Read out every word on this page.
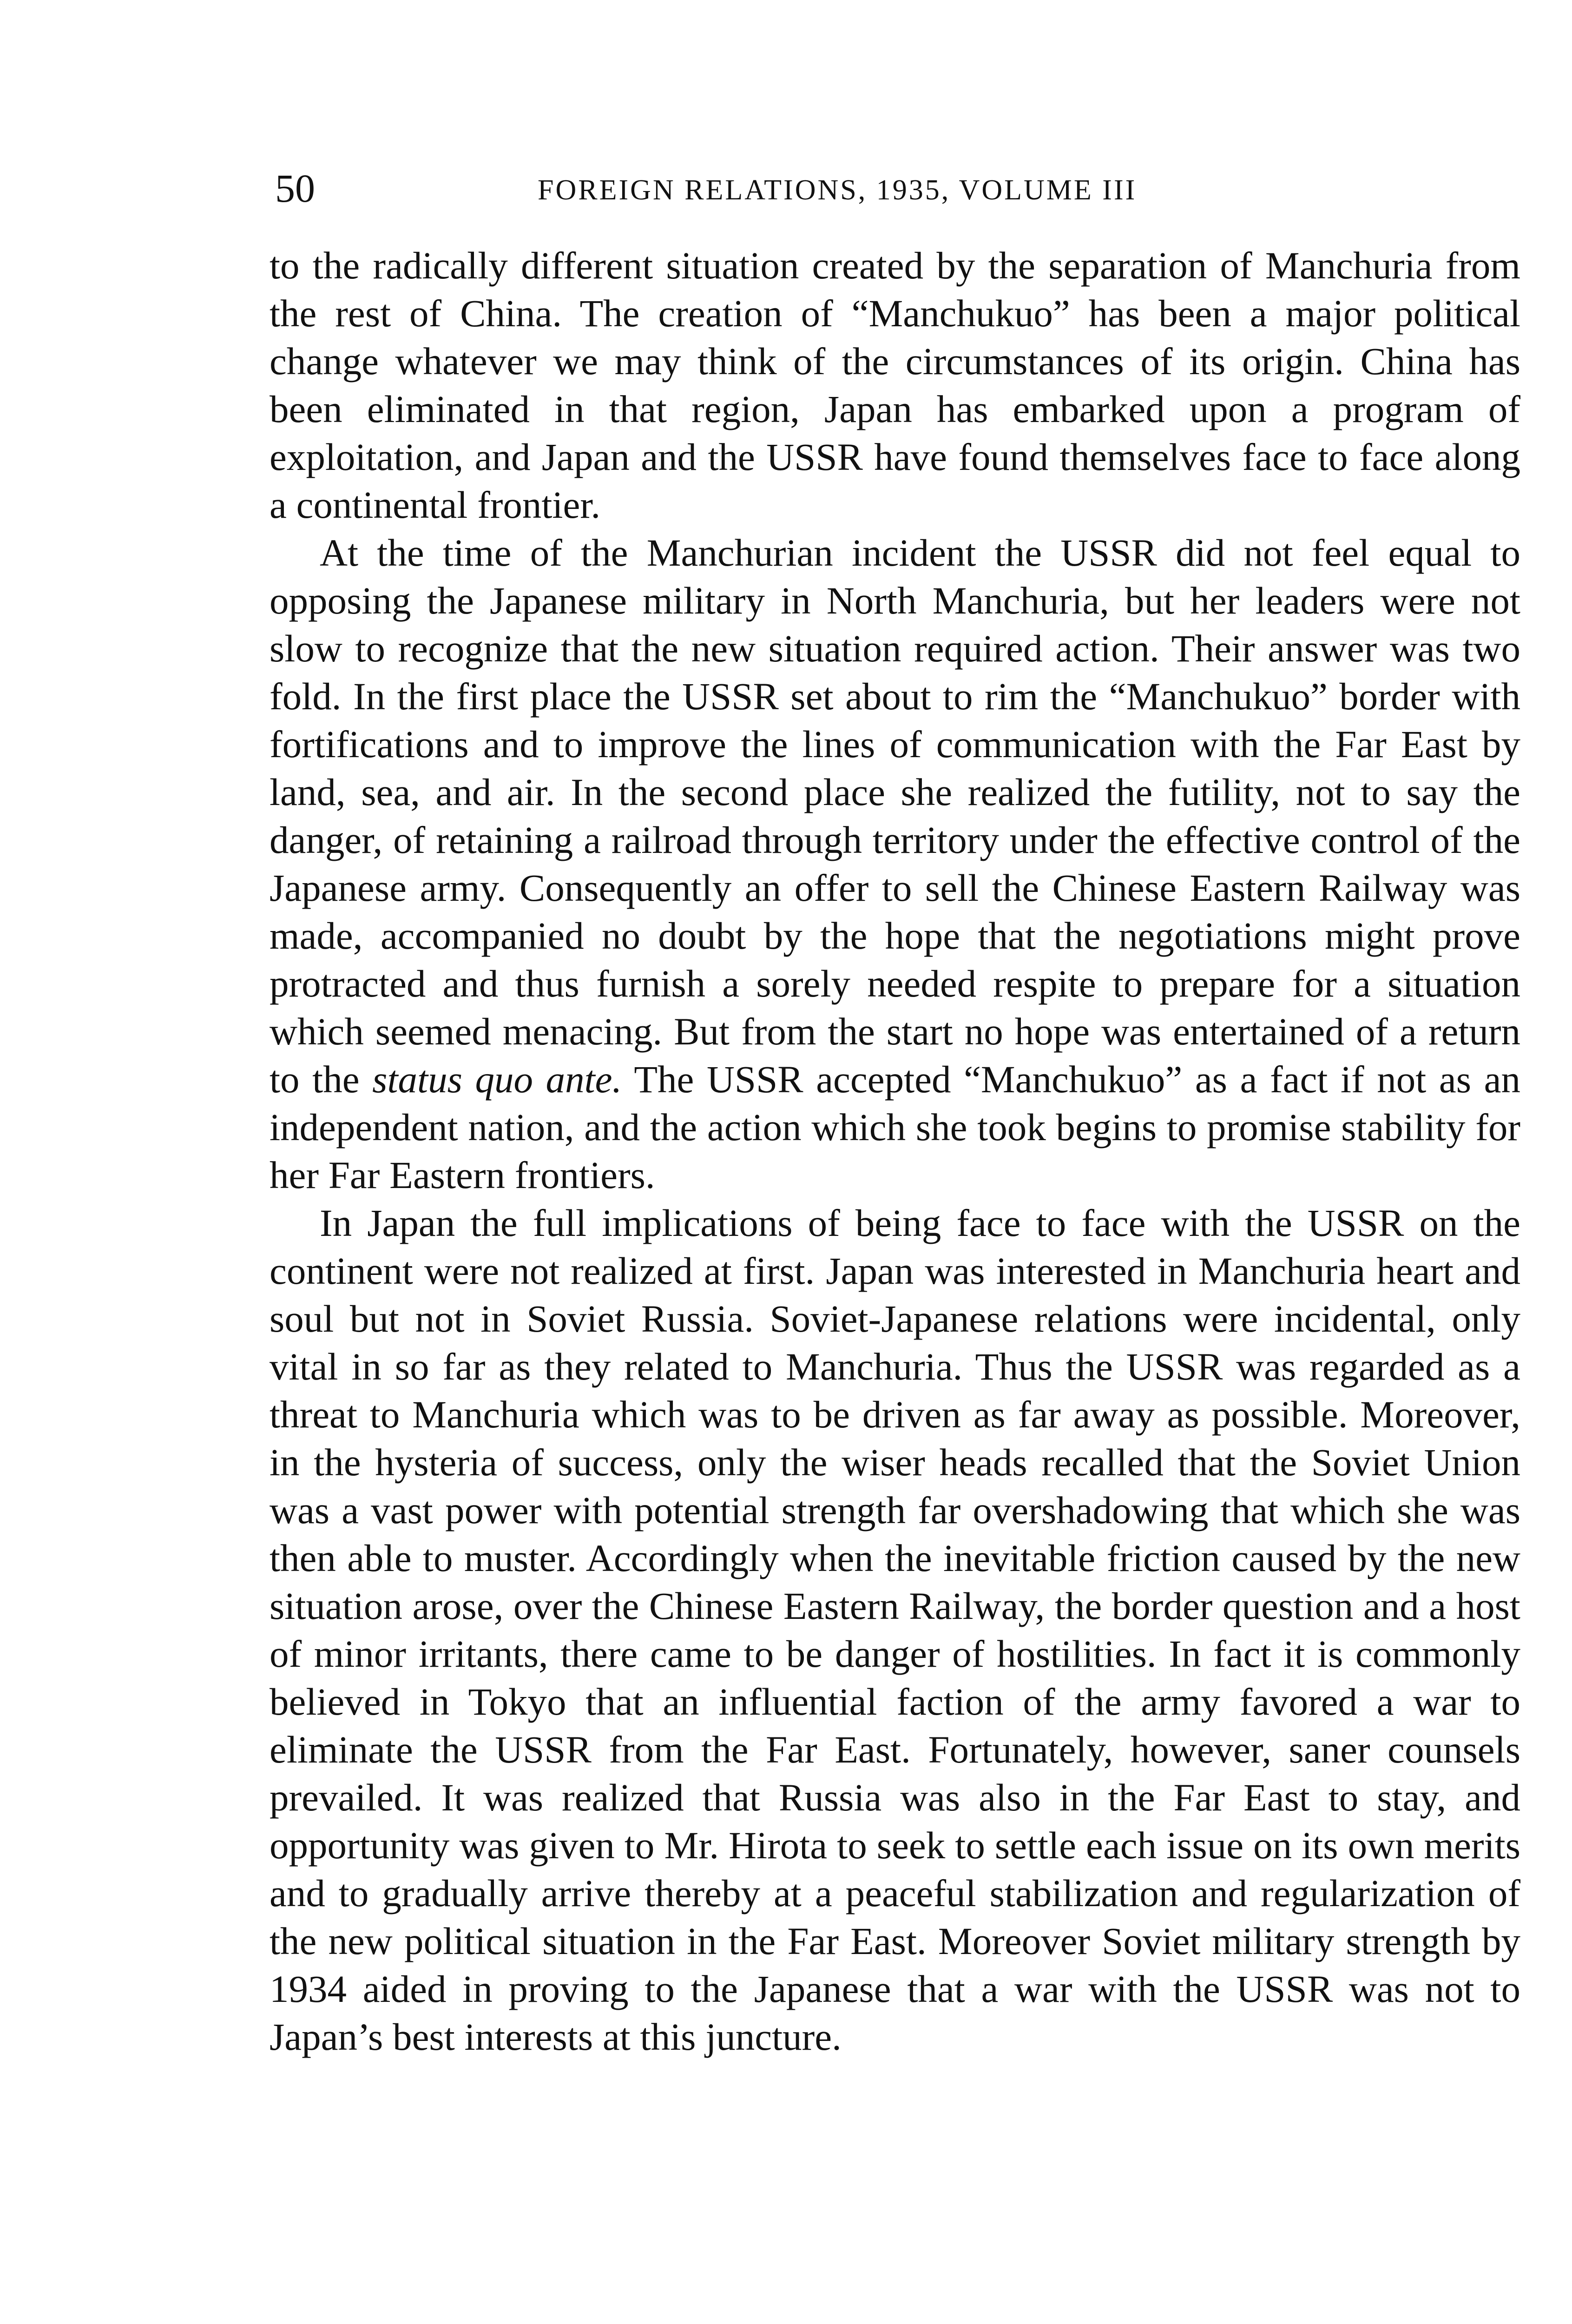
50	FOREIGN RELATIONS, 1935, VOLUME III

to the radically different situation created by the separation of Manchuria from the rest of China. The creation of “Manchukuo” has been a major political change whatever we may think of the circumstances of its origin. China has been eliminated in that region, Japan has embarked upon a program of exploitation, and Japan and the USSR have found themselves face to face along a continental frontier.

At the time of the Manchurian incident the USSR did not feel equal to opposing the Japanese military in North Manchuria, but her leaders were not slow to recognize that the new situation required action. Their answer was two fold. In the first place the USSR set about to rim the “Manchukuo” border with fortifications and to improve the lines of communication with the Far East by land, sea, and air. In the second place she realized the futility, not to say the danger, of retaining a railroad through territory under the effective control of the Japanese army. Consequently an offer to sell the Chinese Eastern Railway was made, accompanied no doubt by the hope that the negotiations might prove protracted and thus furnish a sorely needed respite to prepare for a situation which seemed menacing. But from the start no hope was entertained of a return to the status quo ante. The USSR accepted “Manchukuo” as a fact if not as an independent nation, and the action which she took begins to promise stability for her Far Eastern frontiers.

In Japan the full implications of being face to face with the USSR on the continent were not realized at first. Japan was interested in Manchuria heart and soul but not in Soviet Russia. Soviet-Japanese relations were incidental, only vital in so far as they related to Manchuria. Thus the USSR was regarded as a threat to Manchuria which was to be driven as far away as possible. Moreover, in the hysteria of success, only the wiser heads recalled that the Soviet Union was a vast power with potential strength far overshadowing that which she was then able to muster. Accordingly when the inevitable friction caused by the new situation arose, over the Chinese Eastern Railway, the border question and a host of minor irritants, there came to be danger of hostilities. In fact it is commonly believed in Tokyo that an influential faction of the army favored a war to eliminate the USSR from the Far East. Fortunately, however, saner counsels prevailed. It was realized that Russia was also in the Far East to stay, and opportunity was given to Mr. Hirota to seek to settle each issue on its own merits and to gradually arrive thereby at a peaceful stabilization and regularization of the new political situation in the Far East. Moreover Soviet military strength by 1934 aided in proving to the Japanese that a war with the USSR was not to Japan’s best interests at this juncture.
